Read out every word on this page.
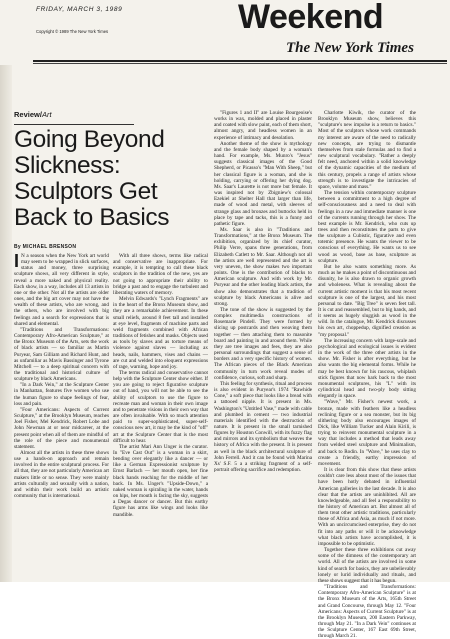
FRIDAY, MARCH 3, 1989
Copyright © 1989 The New York Times	Weekend
The New York Times
Review/Art
Going Beyond Slickness: Sculptors Get Back to Basics
By MICHAEL BRENSON

I N a season when the New York art world may seem to be wrapped in slick surfaces, status and money, three surprising sculpture shows, all very different in style, reveal a more naked and physical reality. Each show, in a way, includes all 13 artists in one or the other. Not all the artists are older ones, and the big art cover may not have the wealth of these artists, who are wrong, and the others, who are involved with big feelings and a search for expressions that is shared and elemental.

"Traditions and Transformations: Contemporary Afro-American Sculpture," at the Bronx Museum of the Arts, sets the work of black artists — so familiar as Martin Puryear, Sam Gilliam and Richard Hunt, and as unfamiliar as Mavis Bassinger and Tyrone Mitchell — to a deep spiritual concern with the traditional and historical culture of sculpture by black Americans.

"In a Dark Vein," at the Sculpture Center in Manhattan, features five women who use the human figure to shape feelings of fear, loss and pain.

"Four Americans: Aspects of Current Sculpture," at the Brooklyn Museum, reaches Joel Fisher, Mel Kendrick, Robert Lobe and John Newman at or near midcareer, at the present point when all of them are mindful of the role of the piece and monumental statement.

Almost all the artists in these three shows use a hands-on approach and remain involved in the entire sculptural process. For all that, they are not particularly American art makers little or no sense. They were mainly artists culturally and sexually with a nation, and within their work build an artistic community that is international.

With all three shows, terms like radical and conservative are inappropriate. For example, it is tempting to call these black sculptors in the tradition of the new, yes are not going to appropriate their ability to bridge a past and to engage the turbulent and liberating waters of memory.

Melvin Edwards's "Lynch Fragments" are in the heart of the Bronx Museum show, and they are a remarkable achievement. In these small reliefs, around 8 feet tall and installed at eye level, fragments of machine parts and weld fragments combined with African traditions of fetishes and masks. Objects used as tools by slaves and as torture means of violence against slaves — including ax heads, nails, hammers, vises and chains — are cut and welded into eloquent expressions of rage, warning, hope and joy.

The terms radical and conservative cannot help with the Sculpture Center show either. If you are going to reject figurative sculpture out of hand, you will not be able to see the ability of sculptors to use the figure to recreate man and woman in their own image and to penetrate visions in their own way that are often invaluable. With so much attention paid to super-sophisticated, super-self-conscious new art, it may be the kind of "off" art at the Sculpture Center that is the most difficult to hear.

The artist Mari Ann Unger is the curator. In "Eve Cast Out" is a woman in a skirt, bending over elegantly like a dancer — or like a German Expressionist sculpture by Ernst Barlach — her mouth open, her fine black hands reaching for the middle of her back. In Ms. Unger's "Upside-Down," a naked woman is spiraling in the water, hands on hips, her mouth is facing the sky, suggests a Degas dancer or dancer. But this earthy figure has arms like wings and looks like mandible.

"Figures 1 and II" are Louise Bourgeoise's works in wax, molded and placed in plaster and coated with slow paint, each of them short, almost angry, and headless women in an experience of intimacy and desolation.

Another theme of the show is mythology and the female body shaped by a woman's hand. For example, Ms. Munro's "Jesus" suggests classical images of the Good Shepherd, or Picasso's "Man With Sheep," but her classical figure is a woman, and she is holding, carrying or offering her dying dog. Ms. Saar's Laurette is not more but female. It was inspired not by Zbigniew's colossal Ezekiel at Shelter Hall that larger than life, made of wood and metal, with sleeves of strange glass and bronzes and buttocks held in place by tape and tacks, this is a funny and pathetic figure.

Ms. Saar is also in "Traditions and Transformations," at the Bronx Museum. The exhibition, organized by its chief curator, Philip Verre, spans three generations, from Elizabeth Catlett to Mr. Saar. Although not all the artists are well represented and the art is very uneven, the show makes two important points. One is the contribution of blacks to American sculpture. And with work by Mr. Puryear and the other leading black artists, the show also demonstrates that a tradition of sculpture by black Americans is alive and strong.

The tone of the show is suggested by the complex multimedia constructions of Rosemarie Pindell. They were formed by slicing up postcards and then weaving them together — then attaching them to masonite board and painting in and around them. While they are tree images and fees, they are also personal surroundings that suggest a sense of borders and a very specific history of women. The African pieces of the Black American community in turn work reveal modes of confidence, curious, soft and sharp.

This feeling for synthesis, ritual and process is also evident in Puryear's 1974 "Rawhide Cone," a soft piece that looks like a bread with a tattooed nipple. It is present in Ms. Washington's "Untitled Vase," made with cable and plumbed in cement — two industrial materials identified with the destruction of nature. It is present in the small tarnished figures by Houston Conwill, with its fuzzy flag and mirrors and its symbolism that weaves the history of Africa with the present. It is present as well in the black architectural sculpture of John Ferrell. And it can be found with Marina Xs' S.F. 5 a a striking fragment of a self-portrait offering sacrifice and redemption.

Charlotte Kiwik, the curator of the Brooklyn Museum show, believes this "sculpture's new impulse is a return to basics." Most of the sculptors whose work commands my interest are aware of the need to radically new concepts, are trying to dismantle themselves from stale formulas and to find a new sculptural vocabulary. "Rather a deeply felt need, anchored within a solid knowledge of the dynamic capacities of the medium of this century, propels a range of artists whose strength is to investigate the intricacies of space, volume and mass."

The tension within contemporary sculpture between a commitment to a high degree of self-consciousness and a need to deal with feelings in a raw and immediate manner is one of the currents running through her show. The best example is Mr. Kendrick, who cuts up trees and then reconstitutes the parts to give the sculpture a Cubistic, figurative and even totemic presence. He wants the viewer to be conscious of everything. He wants us to see wood as wood, base as base, sculpture as sculpture.

But he also wants something more. As much as he makes a point of discontinuous and disunity, he is also drawn to organic growth and wholeness. What is revealing about the current artistic moment is that his most recent sculpture is one of the largest, and his most personal to date. "Big Tree" is seven feet tall. It is cut and reassembled, but to big hands, and it seems as hugely sluggish as wood in the wild. In the catalogue, Mr. Kendrick discusses his own art, choppedup, dignified creation as "my proposal."

The increasing concern with large-scale and psychological and ecological issues is evident in the work of the three other artists in the show. Mr. Fisher is after everything, but he also wants the big elemental forms. While he may be best known for his raucous, whiplash stick figures that now hark back to the most monumental sculptures, his "L" with its cylindrical head and two-ply body sitting elegantly in space.

"Wave," Mr. Fisher's newest work, a bronze, made with feathers like a headless reclining figure or a sea monster, but its big slithering body also encourages images of Dick, like William Tucker and Alain Kirili, is trying to reinvent monumental sculpture in a way that includes a method that leads away from welded steel sculpture and Minimalism, and back to Rodin. In "Wave," he uses clay to create a friendly, earthy impression of movement.

It is clear from this show that these artists couldn't care less about most of the issues that have been hotly debated in influential American galleries in the last decade. It is also clear that the artists are uninhibited. All are knowledgeable, and all feel a responsibility to the history of American art. But almost all of them treat other artistic traditions, particularly those of Africa and Asia, as much if not more. With an uncircumcised enterprise, they do not fit into any paths or will it be acknowledge what black artists have accomplished, it is impossible to be optimistic.

Together these three exhibitions cut away some of the dimness of the contemporary art world. All of the artists are involved in some kind of search for basics, they are unbelievably lonely or lurid individually and rituals, and these shows suggest that it has begun.

"Traditions and Transformations: Contemporary Afro-American Sculpture" is at the Bronx Museum of the Arts, 165th Street and Grand Concourse, through May 12. "Four Americans: Aspects of Current Sculpture" is at the Brooklyn Museum, 200 Eastern Parkway, through May 21. "In a Dark Vein" continues at the Sculpture Center, 167 East 69th Street, through March 21.
